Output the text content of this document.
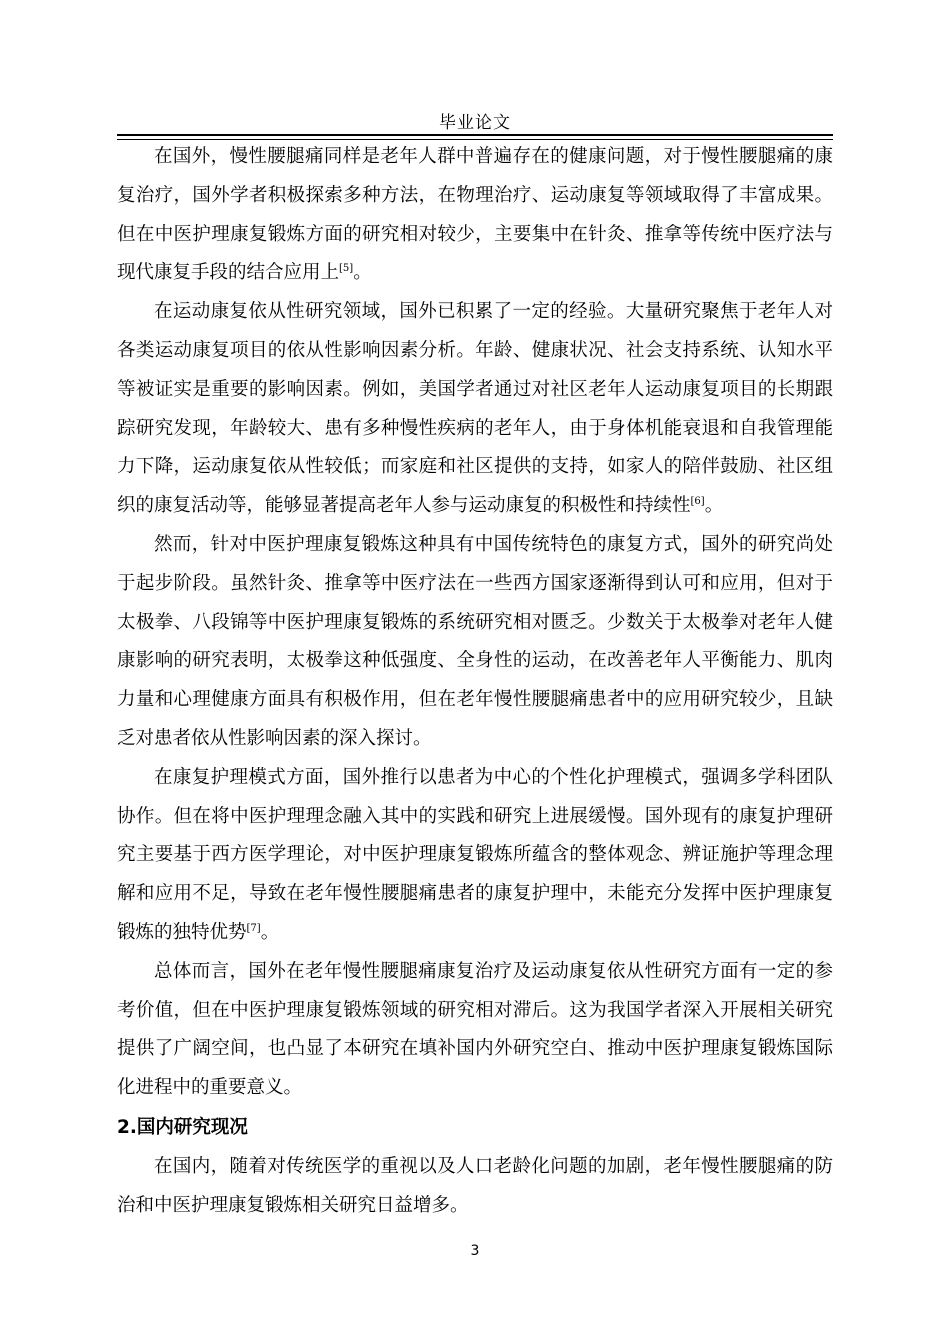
毕业论文

在国外，慢性腰腿痛同样是老年人群中普遍存在的健康问题，对于慢性腰腿痛的康复治疗，国外学者积极探索多种方法，在物理治疗、运动康复等领域取得了丰富成果。但在中医护理康复锻炼方面的研究相对较少，主要集中在针灸、推拿等传统中医疗法与现代康复手段的结合应用上[5]。

在运动康复依从性研究领域，国外已积累了一定的经验。大量研究聚焦于老年人对各类运动康复项目的依从性影响因素分析。年龄、健康状况、社会支持系统、认知水平等被证实是重要的影响因素。例如，美国学者通过对社区老年人运动康复项目的长期跟踪研究发现，年龄较大、患有多种慢性疾病的老年人，由于身体机能衰退和自我管理能力下降，运动康复依从性较低；而家庭和社区提供的支持，如家人的陪伴鼓励、社区组织的康复活动等，能够显著提高老年人参与运动康复的积极性和持续性[6]。

然而，针对中医护理康复锻炼这种具有中国传统特色的康复方式，国外的研究尚处于起步阶段。虽然针灸、推拿等中医疗法在一些西方国家逐渐得到认可和应用，但对于太极拳、八段锦等中医护理康复锻炼的系统研究相对匮乏。少数关于太极拳对老年人健康影响的研究表明，太极拳这种低强度、全身性的运动，在改善老年人平衡能力、肌肉力量和心理健康方面具有积极作用，但在老年慢性腰腿痛患者中的应用研究较少，且缺乏对患者依从性影响因素的深入探讨。

在康复护理模式方面，国外推行以患者为中心的个性化护理模式，强调多学科团队协作。但在将中医护理理念融入其中的实践和研究上进展缓慢。国外现有的康复护理研究主要基于西方医学理论，对中医护理康复锻炼所蕴含的整体观念、辨证施护等理念理解和应用不足，导致在老年慢性腰腿痛患者的康复护理中，未能充分发挥中医护理康复锻炼的独特优势[7]。

总体而言，国外在老年慢性腰腿痛康复治疗及运动康复依从性研究方面有一定的参考价值，但在中医护理康复锻炼领域的研究相对滞后。这为我国学者深入开展相关研究提供了广阔空间，也凸显了本研究在填补国内外研究空白、推动中医护理康复锻炼国际化进程中的重要意义。

2.国内研究现况

在国内，随着对传统医学的重视以及人口老龄化问题的加剧，老年慢性腰腿痛的防治和中医护理康复锻炼相关研究日益增多。

3
